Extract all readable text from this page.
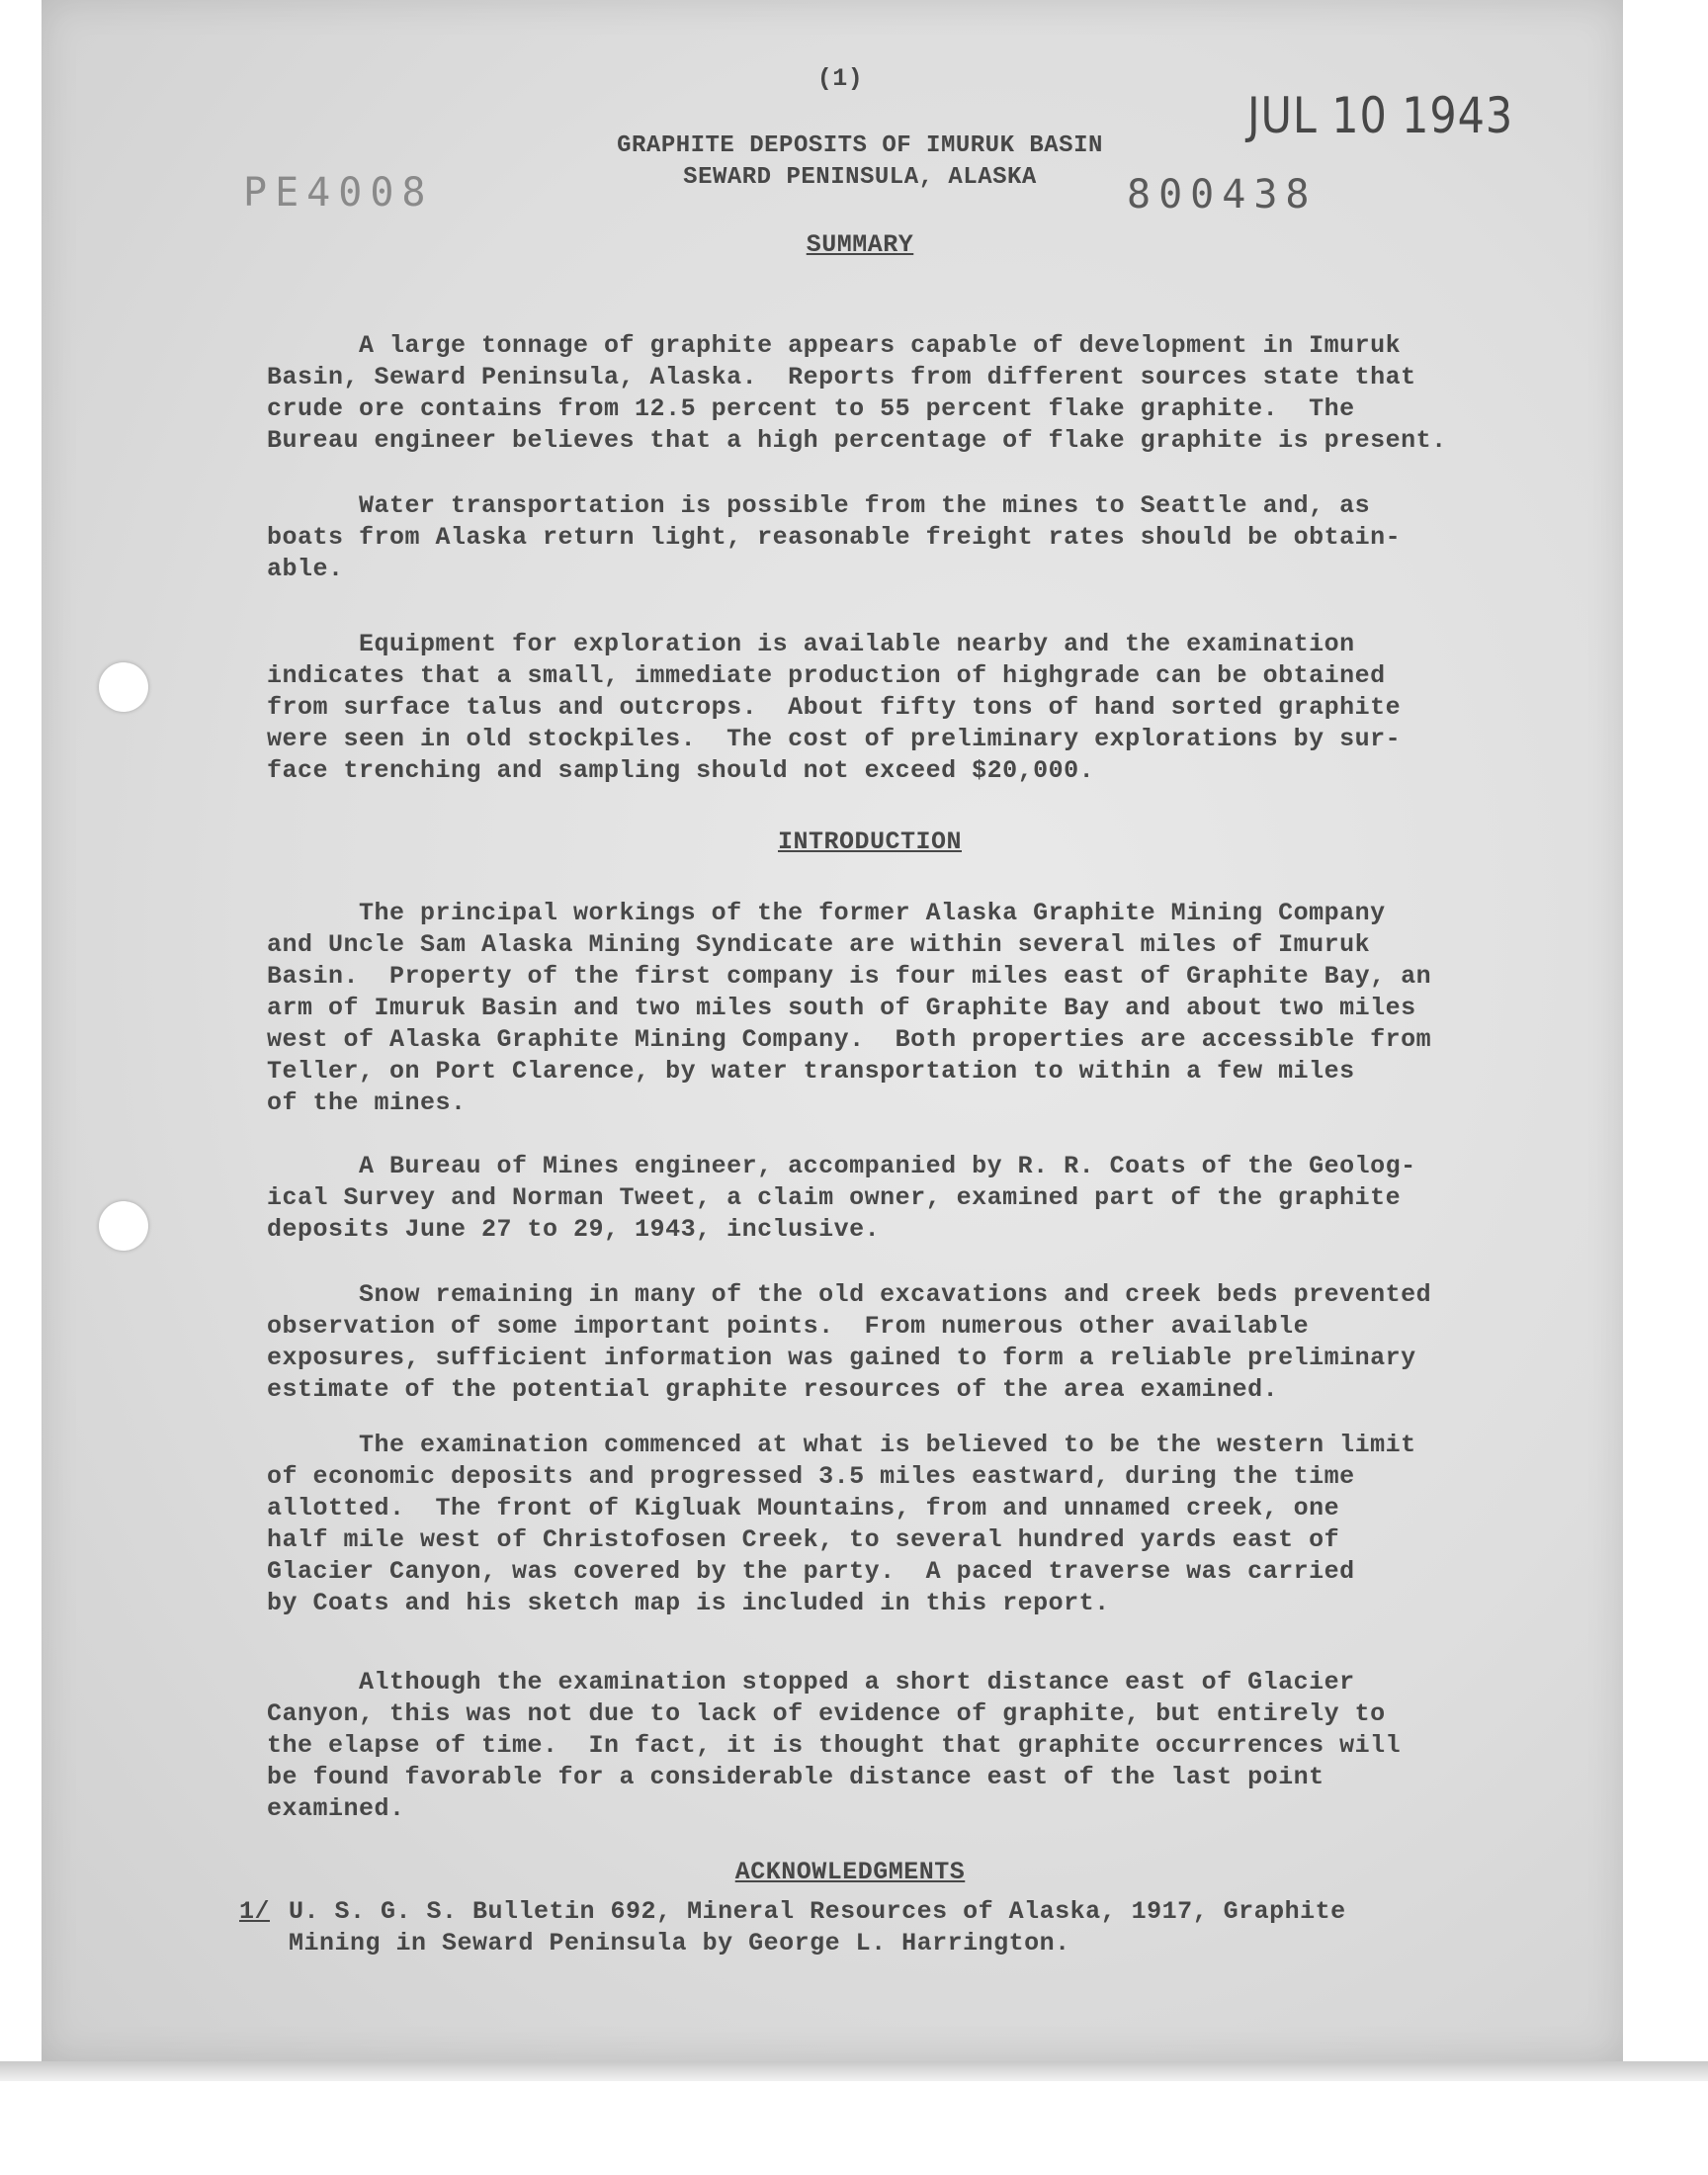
(1)
JUL 10 1943
GRAPHITE DEPOSITS OF IMURUK BASIN
SEWARD PENINSULA, ALASKA
PE4008	800438
SUMMARY
A large tonnage of graphite appears capable of development in Imuruk
Basin, Seward Peninsula, Alaska.  Reports from different sources state that
crude ore contains from 12.5 percent to 55 percent flake graphite.  The
Bureau engineer believes that a high percentage of flake graphite is present.
Water transportation is possible from the mines to Seattle and, as
boats from Alaska return light, reasonable freight rates should be obtain-
able.
Equipment for exploration is available nearby and the examination
indicates that a small, immediate production of highgrade can be obtained
from surface talus and outcrops.  About fifty tons of hand sorted graphite
were seen in old stockpiles.  The cost of preliminary explorations by sur-
face trenching and sampling should not exceed $20,000.
INTRODUCTION
The principal workings of the former Alaska Graphite Mining Company
and Uncle Sam Alaska Mining Syndicate are within several miles of Imuruk
Basin.  Property of the first company is four miles east of Graphite Bay, an
arm of Imuruk Basin and two miles south of Graphite Bay and about two miles
west of Alaska Graphite Mining Company.  Both properties are accessible from
Teller, on Port Clarence, by water transportation to within a few miles
of the mines.
A Bureau of Mines engineer, accompanied by R. R. Coats of the Geolog-
ical Survey and Norman Tweet, a claim owner, examined part of the graphite
deposits June 27 to 29, 1943, inclusive.
Snow remaining in many of the old excavations and creek beds prevented
observation of some important points.  From numerous other available
exposures, sufficient information was gained to form a reliable preliminary
estimate of the potential graphite resources of the area examined.
The examination commenced at what is believed to be the western limit
of economic deposits and progressed 3.5 miles eastward, during the time
allotted.  The front of Kigluak Mountains, from and unnamed creek, one
half mile west of Christofosen Creek, to several hundred yards east of
Glacier Canyon, was covered by the party.  A paced traverse was carried
by Coats and his sketch map is included in this report.
Although the examination stopped a short distance east of Glacier
Canyon, this was not due to lack of evidence of graphite, but entirely to
the elapse of time.  In fact, it is thought that graphite occurrences will
be found favorable for a considerable distance east of the last point
examined.
ACKNOWLEDGMENTS
1/ U. S. G. S. Bulletin 692, Mineral Resources of Alaska, 1917, Graphite
Mining in Seward Peninsula by George L. Harrington.
